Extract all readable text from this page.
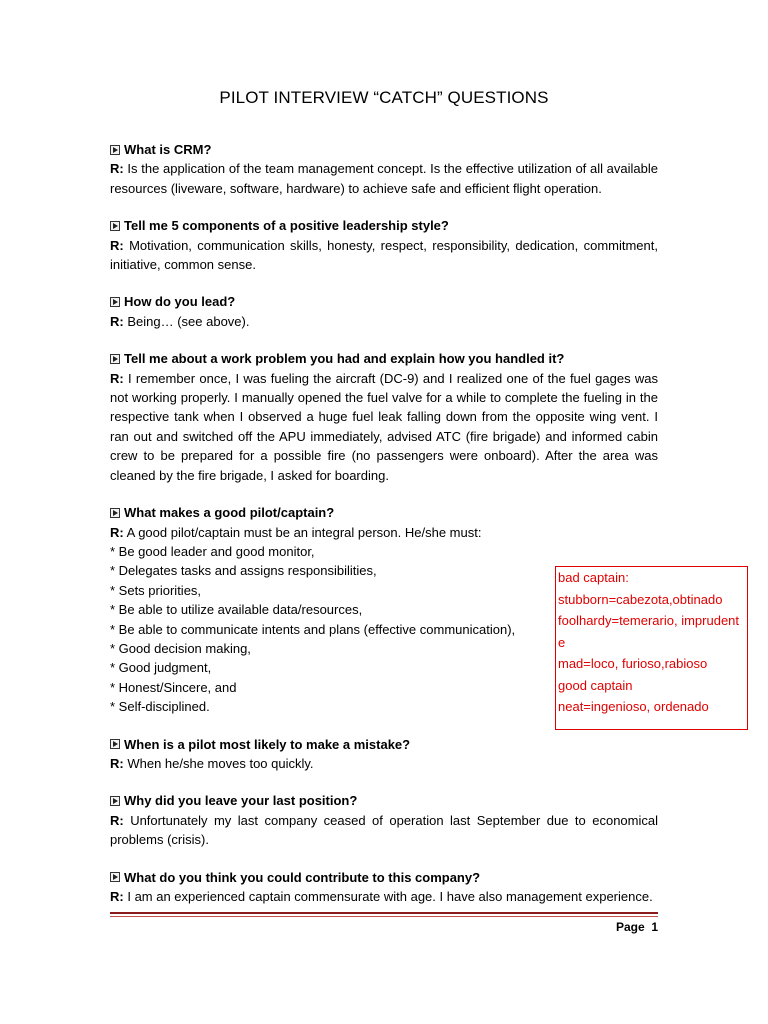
PILOT INTERVIEW “CATCH” QUESTIONS
What is CRM?
R: Is the application of the team management concept. Is the effective utilization of all available resources (liveware, software, hardware) to achieve safe and efficient flight operation.
Tell me 5 components of a positive leadership style?
R: Motivation, communication skills, honesty, respect, responsibility, dedication, commitment, initiative, common sense.
How do you lead?
R: Being… (see above).
Tell me about a work problem you had and explain how you handled it?
R: I remember once, I was fueling the aircraft (DC-9) and I realized one of the fuel gages was not working properly. I manually opened the fuel valve for a while to complete the fueling in the respective tank when I observed a huge fuel leak falling down from the opposite wing vent. I ran out and switched off the APU immediately, advised ATC (fire brigade) and informed cabin crew to be prepared for a possible fire (no passengers were onboard). After the area was cleaned by the fire brigade, I asked for boarding.
What makes a good pilot/captain?
R: A good pilot/captain must be an integral person. He/she must:
* Be good leader and good monitor,
* Delegates tasks and assigns responsibilities,
* Sets priorities,
* Be able to utilize available data/resources,
* Be able to communicate intents and plans (effective communication),
* Good decision making,
* Good judgment,
* Honest/Sincere, and
* Self-disciplined.
When is a pilot most likely to make a mistake?
R: When he/she moves too quickly.
Why did you leave your last position?
R: Unfortunately my last company ceased of operation last September due to economical problems (crisis).
What do you think you could contribute to this company?
R: I am an experienced captain commensurate with age. I have also management experience.
bad captain:
stubborn=cabezota,obtinado
foolhardy=temerario, imprudente
mad=loco, furioso,rabioso
good captain
neat=ingenioso, ordenado
Page 1
